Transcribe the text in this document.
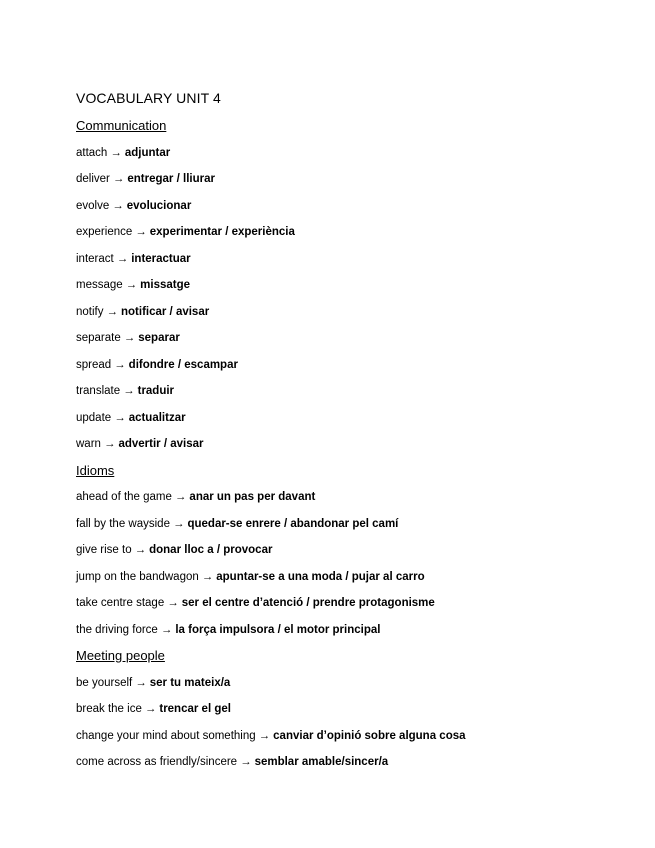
VOCABULARY UNIT 4
Communication
attach → adjuntar
deliver → entregar / lliurar
evolve → evolucionar
experience → experimentar / experiència
interact → interactuar
message → missatge
notify → notificar / avisar
separate → separar
spread → difondre / escampar
translate → traduir
update → actualitzar
warn → advertir / avisar
Idioms
ahead of the game → anar un pas per davant
fall by the wayside → quedar-se enrere / abandonar pel camí
give rise to → donar lloc a / provocar
jump on the bandwagon → apuntar-se a una moda / pujar al carro
take centre stage → ser el centre d’atenció / prendre protagonisme
the driving force → la força impulsora / el motor principal
Meeting people
be yourself → ser tu mateix/a
break the ice → trencar el gel
change your mind about something → canviar d’opinió sobre alguna cosa
come across as friendly/sincere → semblar amable/sincer/a
